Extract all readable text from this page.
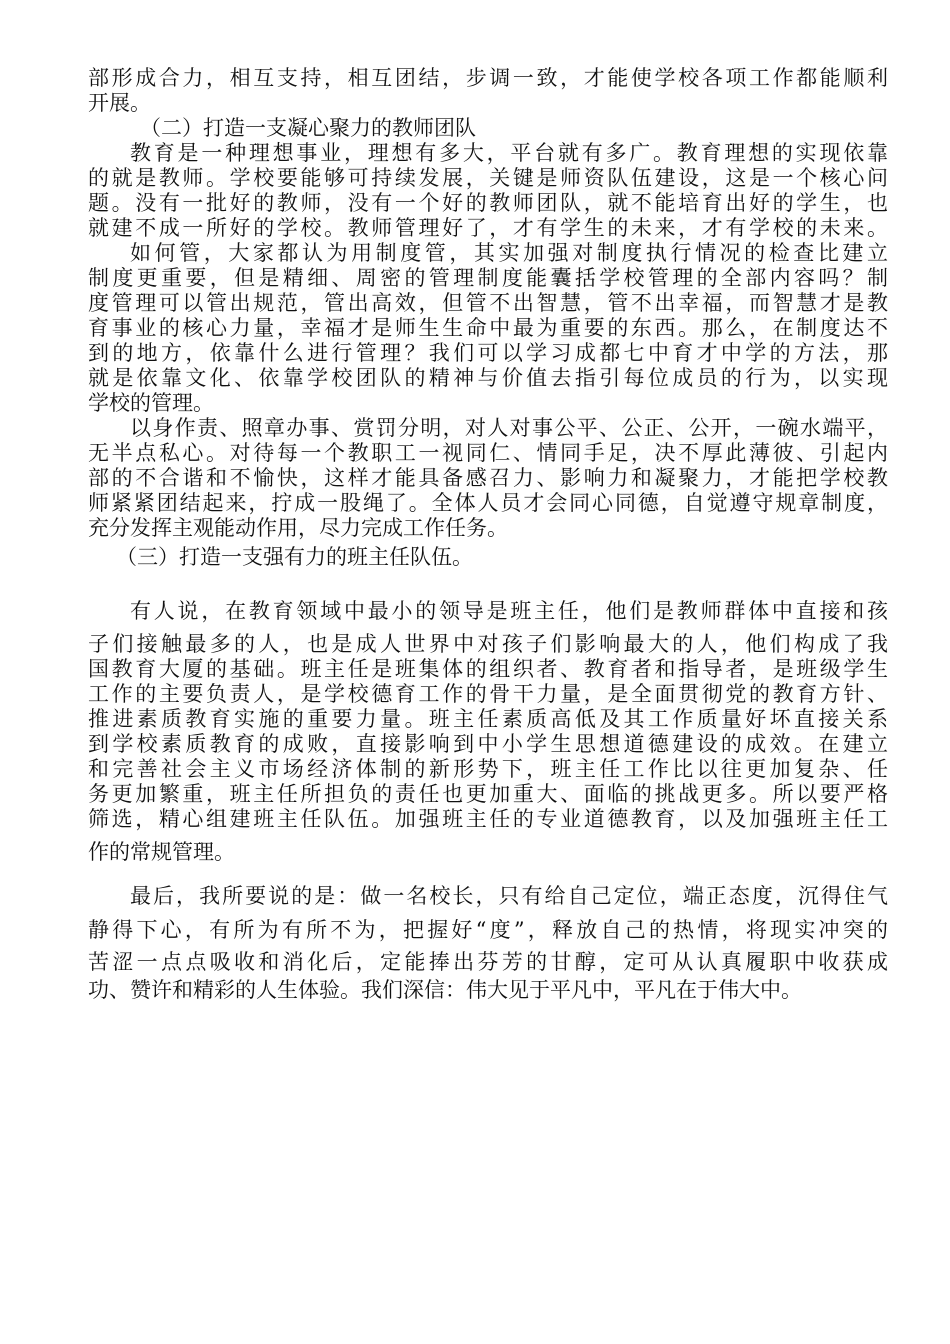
部形成合力，相互支持，相互团结，步调一致，才能使学校各项工作都能顺利

开展。

（二）打造一支凝心聚力的教师团队

教育是一种理想事业，理想有多大，平台就有多广。教育理想的实现依靠

的就是教师。学校要能够可持续发展，关键是师资队伍建设，这是一个核心问

题。没有一批好的教师，没有一个好的教师团队，就不能培育出好的学生，也

就建不成一所好的学校。教师管理好了，才有学生的未来，才有学校的未来。

如何管，大家都认为用制度管，其实加强对制度执行情况的检查比建立

制度更重要，但是精细、周密的管理制度能囊括学校管理的全部内容吗？制

度管理可以管出规范，管出高效，但管不出智慧，管不出幸福，而智慧才是教

育事业的核心力量，幸福才是师生生命中最为重要的东西。那么，在制度达不

到的地方，依靠什么进行管理？我们可以学习成都七中育才中学的方法，那

就是依靠文化、依靠学校团队的精神与价值去指引每位成员的行为，以实现

学校的管理。

以身作责、照章办事、赏罚分明，对人对事公平、公正、公开，一碗水端平，

无半点私心。对待每一个教职工一视同仁、情同手足，决不厚此薄彼、引起内

部的不合谐和不愉快，这样才能具备感召力、影响力和凝聚力，才能把学校教

师紧紧团结起来，拧成一股绳了。全体人员才会同心同德，自觉遵守规章制度，

充分发挥主观能动作用，尽力完成工作任务。

（三）打造一支强有力的班主任队伍。

有人说，在教育领域中最小的领导是班主任，他们是教师群体中直接和孩

子们接触最多的人，也是成人世界中对孩子们影响最大的人，他们构成了我

国教育大厦的基础。班主任是班集体的组织者、教育者和指导者，是班级学生

工作的主要负责人，是学校德育工作的骨干力量，是全面贯彻党的教育方针、

推进素质教育实施的重要力量。班主任素质高低及其工作质量好坏直接关系

到学校素质教育的成败，直接影响到中小学生思想道德建设的成效。在建立

和完善社会主义市场经济体制的新形势下，班主任工作比以往更加复杂、任

务更加繁重，班主任所担负的责任也更加重大、面临的挑战更多。所以要严格

筛选，精心组建班主任队伍。加强班主任的专业道德教育，以及加强班主任工

作的常规管理。

最后，我所要说的是：做一名校长，只有给自己定位，端正态度，沉得住气

静得下心，有所为有所不为，把握好“度”，释放自己的热情，将现实冲突的

苦涩一点点吸收和消化后，定能捧出芬芳的甘醇，定可从认真履职中收获成

功、赞许和精彩的人生体验。我们深信：伟大见于平凡中，平凡在于伟大中。
